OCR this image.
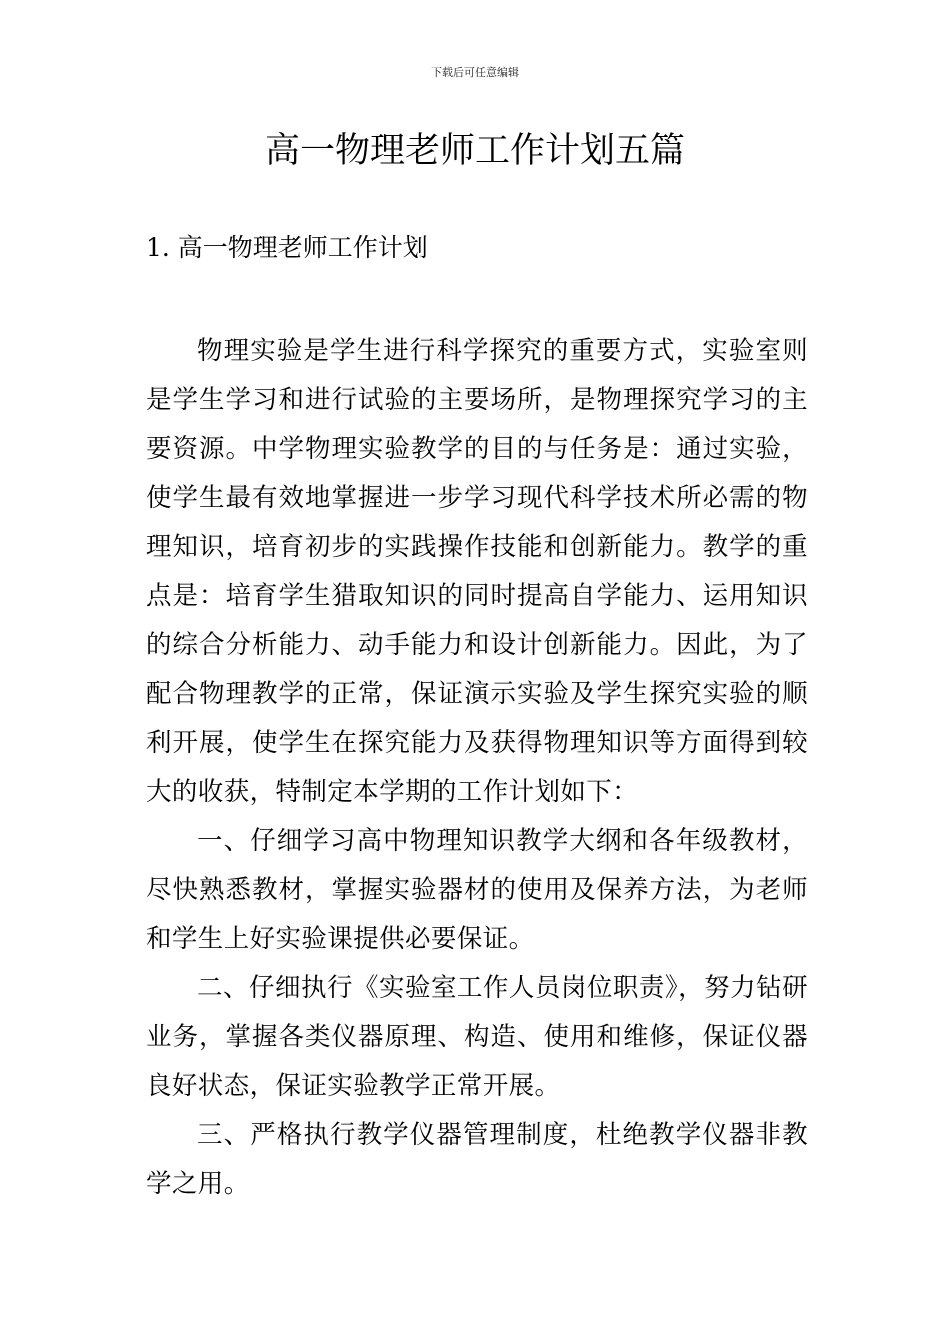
下载后可任意编辑
高一物理老师工作计划五篇
1. 高一物理老师工作计划

物理实验是学生进行科学探究的重要方式，实验室则是学生学习和进行试验的主要场所，是物理探究学习的主要资源。中学物理实验教学的目的与任务是：通过实验，使学生最有效地掌握进一步学习现代科学技术所必需的物理知识，培育初步的实践操作技能和创新能力。教学的重点是：培育学生猎取知识的同时提高自学能力、运用知识的综合分析能力、动手能力和设计创新能力。因此，为了配合物理教学的正常，保证演示实验及学生探究实验的顺利开展，使学生在探究能力及获得物理知识等方面得到较大的收获，特制定本学期的工作计划如下：

一、仔细学习高中物理知识教学大纲和各年级教材，尽快熟悉教材，掌握实验器材的使用及保养方法，为老师和学生上好实验课提供必要保证。

二、仔细执行《实验室工作人员岗位职责》，努力钻研业务，掌握各类仪器原理、构造、使用和维修，保证仪器良好状态，保证实验教学正常开展。

三、严格执行教学仪器管理制度，杜绝教学仪器非教学之用。
